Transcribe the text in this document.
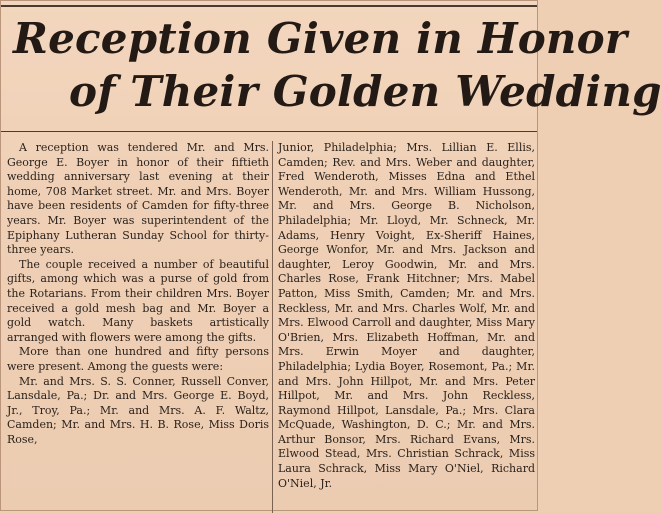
Reception Given in Honor
of Their Golden Wedding

A reception was tendered Mr. and Mrs. George E. Boyer in honor of their fiftieth wedding anniversary last evening at their home, 708 Market street. Mr. and Mrs. Boyer have been residents of Camden for fifty-three years. Mr. Boyer was superintendent of the Epiphany Lutheran Sunday School for thirty-three years.

The couple received a number of beautiful gifts, among which was a purse of gold from the Rotarians. From their children Mrs. Boyer received a gold mesh bag and Mr. Boyer a gold watch. Many baskets artistically arranged with flowers were among the gifts.

More than one hundred and fifty persons were present. Among the guests were:

Mr. and Mrs. S. S. Conner, Russell Conver, Lansdale, Pa.; Dr. and Mrs. George E. Boyd, Jr., Troy, Pa.; Mr. and Mrs. A. F. Waltz, Camden; Mr. and Mrs. H. B. Rose, Miss Doris Rose,

Junior, Philadelphia; Mrs. Lillian E. Ellis, Camden; Rev. and Mrs. Weber and daughter, Fred Wenderoth, Misses Edna and Ethel Wenderoth, Mr. and Mrs. William Hussong, Mr. and Mrs. George B. Nicholson, Philadelphia; Mr. Lloyd, Mr. Schneck, Mr. Adams, Henry Voight, Ex-Sheriff Haines, George Wonfor, Mr. and Mrs. Jackson and daughter, Leroy Goodwin, Mr. and Mrs. Charles Rose, Frank Hitchner; Mrs. Mabel Patton, Miss Smith, Camden; Mr. and Mrs. Reckless, Mr. and Mrs. Charles Wolf, Mr. and Mrs. Elwood Carroll and daughter, Miss Mary O'Brien, Mrs. Elizabeth Hoffman, Mr. and Mrs. Erwin Moyer and daughter, Philadelphia; Lydia Boyer, Rosemont, Pa.; Mr. and Mrs. John Hillpot, Mr. and Mrs. Peter Hillpot, Mr. and Mrs. John Reckless, Raymond Hillpot, Lansdale, Pa.; Mrs. Clara McQuade, Washington, D. C.; Mr. and Mrs. Arthur Bonsor, Mrs. Richard Evans, Mrs. Elwood Stead, Mrs. Christian Schrack, Miss Laura Schrack, Miss Mary O'Niel, Richard O'Niel, Jr.
